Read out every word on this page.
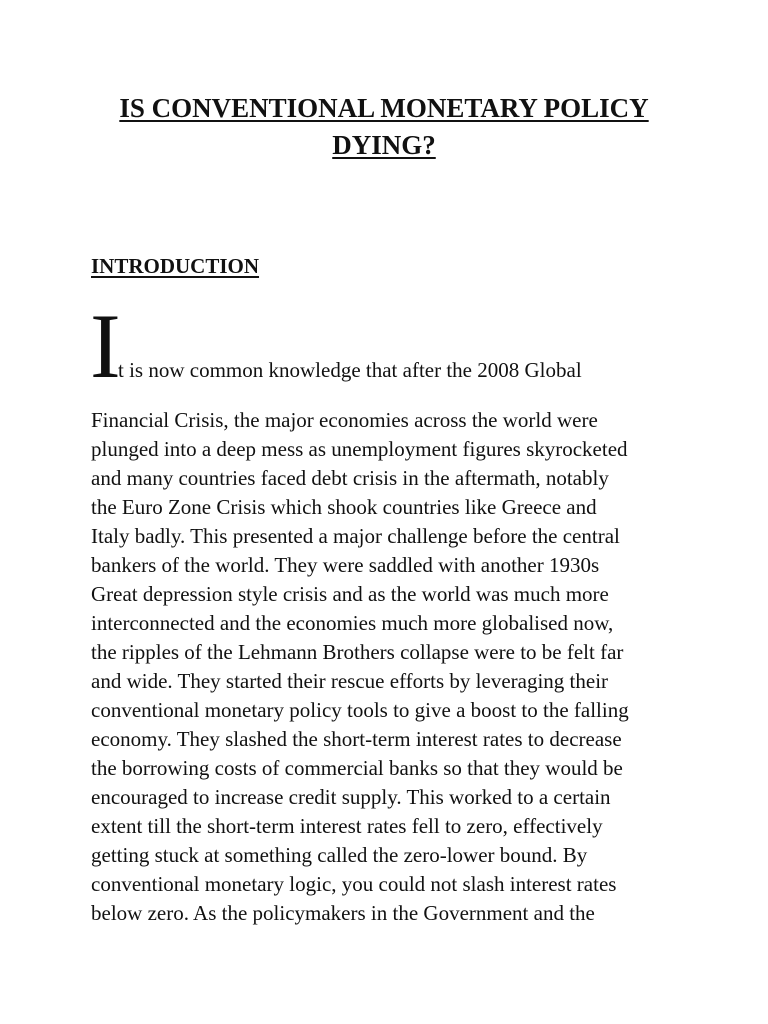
IS CONVENTIONAL MONETARY POLICY
DYING?
INTRODUCTION
I
t is now common knowledge that after the 2008 Global
Financial Crisis, the major economies across the world were
plunged into a deep mess as unemployment figures skyrocketed
and many countries faced debt crisis in the aftermath, notably
the Euro Zone Crisis which shook countries like Greece and
Italy badly. This presented a major challenge before the central
bankers of the world. They were saddled with another 1930s
Great depression style crisis and as the world was much more
interconnected and the economies much more globalised now,
the ripples of the Lehmann Brothers collapse were to be felt far
and wide. They started their rescue efforts by leveraging their
conventional monetary policy tools to give a boost to the falling
economy. They slashed the short-term interest rates to decrease
the borrowing costs of commercial banks so that they would be
encouraged to increase credit supply. This worked to a certain
extent till the short-term interest rates fell to zero, effectively
getting stuck at something called the zero-lower bound. By
conventional monetary logic, you could not slash interest rates
below zero. As the policymakers in the Government and the
